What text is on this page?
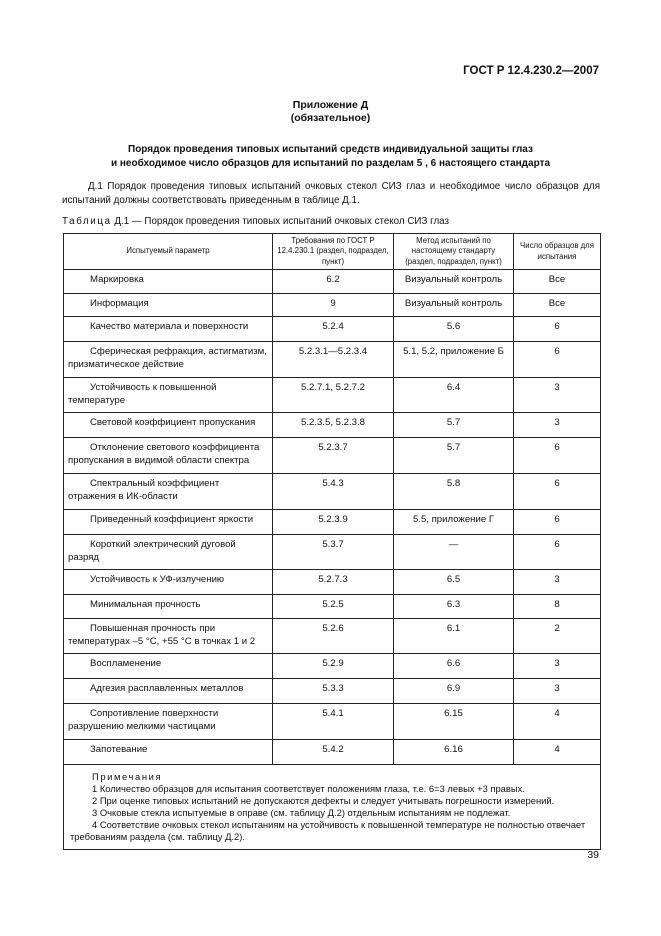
ГОСТ Р 12.4.230.2—2007
Приложение Д
(обязательное)
Порядок проведения типовых испытаний средств индивидуальной защиты глаз
и необходимое число образцов для испытаний по разделам 5 , 6 настоящего стандарта
Д.1 Порядок проведения типовых испытаний очковых стекол СИЗ глаз и необходимое число образцов для испытаний должны соответствовать приведенным в таблице Д.1.
Таблица Д.1 — Порядок проведения типовых испытаний очковых стекол СИЗ глаз
Испытуемый параметр	Требования по ГОСТ Р 12.4.230.1 (раздел, подраздел, пункт)	Метод испытаний по настоящему стандарту (раздел, подраздел, пункт)	Число образцов для испытания
Маркировка	6.2	Визуальный контроль	Все
Информация	9	Визуальный контроль	Все
Качество материала и поверхности	5.2.4	5.6	6
Сферическая рефракция, астигматизм, призматическое действие	5.2.3.1—5.2.3.4	5.1, 5.2, приложение Б	6
Устойчивость к повышенной температуре	5.2.7.1, 5.2.7.2	6.4	3
Световой коэффициент пропускания	5.2.3.5, 5.2.3.8	5.7	3
Отклонение светового коэффициента пропускания в видимой области спектра	5.2.3.7	5.7	6
Спектральный коэффициент отражения в ИК-области	5.4.3	5.8	6
Приведенный коэффициент яркости	5.2.3.9	5.5, приложение Г	6
Короткий электрический дуговой разряд	5.3.7	—	6
Устойчивость к УФ-излучению	5.2.7.3	6.5	3
Минимальная прочность	5.2.5	6.3	8
Повышенная прочность при температурах –5 °С, +55 °С в точках 1 и 2	5.2.6	6.1	2
Воспламенение	5.2.9	6.6	3
Адгезия расплавленных металлов	5.3.3	6.9	3
Сопротивление поверхности разрушению мелкими частицами	5.4.1	6.15	4
Запотевание	5.4.2	6.16	4

Примечания
1 Количество образцов для испытания соответствует положениям глаза, т.е. 6=3 левых +3 правых.
2 При оценке типовых испытаний не допускаются дефекты и следует учитывать погрешности измерений.
3 Очковые стекла испытуемые в оправе (см. таблицу Д.2) отдельным испытаниям не подлежат.
4 Соответствие очковых стекол испытаниям на устойчивость к повышенной температуре не полностью отвечает требованиям раздела (см. таблицу Д.2).			
39
